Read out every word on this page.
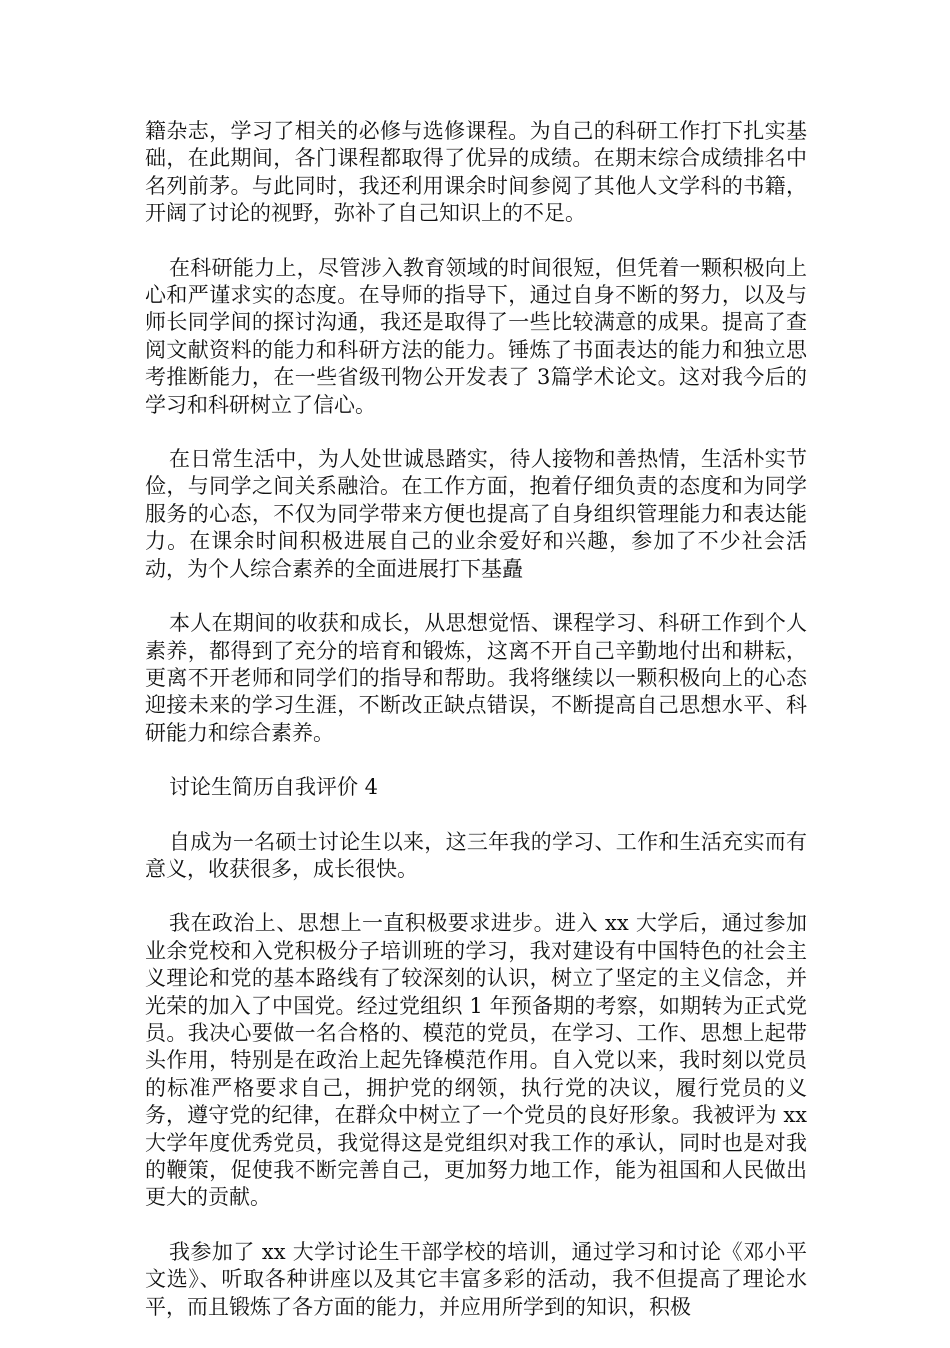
籍杂志，学习了相关的必修与选修课程。为自己的科研工作打下扎实基础，在此期间，各门课程都取得了优异的成绩。在期末综合成绩排名中名列前茅。与此同时，我还利用课余时间参阅了其他人文学科的书籍，开阔了讨论的视野，弥补了自己知识上的不足。

在科研能力上，尽管涉入教育领域的时间很短，但凭着一颗积极向上心和严谨求实的态度。在导师的指导下，通过自身不断的努力，以及与师长同学间的探讨沟通，我还是取得了一些比较满意的成果。提高了查阅文献资料的能力和科研方法的能力。锤炼了书面表达的能力和独立思考推断能力，在一些省级刊物公开发表了 3篇学术论文。这对我今后的学习和科研树立了信心。

在日常生活中，为人处世诚恳踏实，待人接物和善热情，生活朴实节俭，与同学之间关系融洽。在工作方面，抱着仔细负责的态度和为同学服务的心态，不仅为同学带来方便也提高了自身组织管理能力和表达能力。在课余时间积极进展自己的业余爱好和兴趣，参加了不少社会活动，为个人综合素养的全面进展打下基矗

本人在期间的收获和成长，从思想觉悟、课程学习、科研工作到个人素养，都得到了充分的培育和锻炼，这离不开自己辛勤地付出和耕耘，更离不开老师和同学们的指导和帮助。我将继续以一颗积极向上的心态迎接未来的学习生涯，不断改正缺点错误，不断提高自己思想水平、科研能力和综合素养。

讨论生简历自我评价 4

自成为一名硕士讨论生以来，这三年我的学习、工作和生活充实而有意义，收获很多，成长很快。

我在政治上、思想上一直积极要求进步。进入 xx 大学后，通过参加业余党校和入党积极分子培训班的学习，我对建设有中国特色的社会主义理论和党的基本路线有了较深刻的认识，树立了坚定的主义信念，并光荣的加入了中国党。经过党组织 1 年预备期的考察，如期转为正式党员。我决心要做一名合格的、模范的党员，在学习、工作、思想上起带头作用，特别是在政治上起先锋模范作用。自入党以来，我时刻以党员的标准严格要求自己，拥护党的纲领，执行党的决议，履行党员的义务，遵守党的纪律，在群众中树立了一个党员的良好形象。我被评为 xx 大学年度优秀党员，我觉得这是党组织对我工作的承认，同时也是对我的鞭策，促使我不断完善自己，更加努力地工作，能为祖国和人民做出更大的贡献。

我参加了 xx 大学讨论生干部学校的培训，通过学习和讨论《邓小平文选》、听取各种讲座以及其它丰富多彩的活动，我不但提高了理论水平，而且锻炼了各方面的能力，并应用所学到的知识，积极
